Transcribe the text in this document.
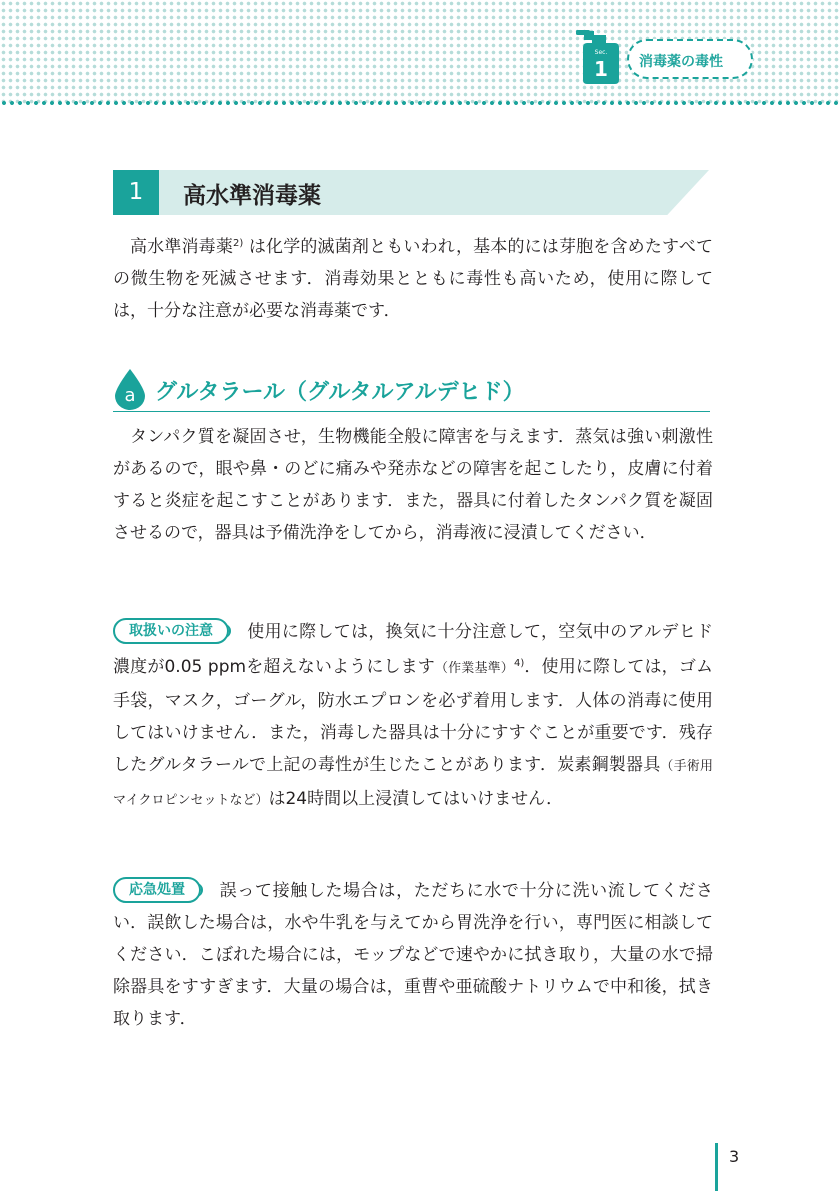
Sec.
1 消毒薬の毒性
1	高水準消毒薬

高水準消毒薬$^{2)}$ は化学的滅菌剤ともいわれ，基本的には芽胞を含めたすべての微生物を死滅させます．消毒効果とともに毒性も高いため，使用に際しては，十分な注意が必要な消毒薬です．

a グルタラール（グルタルアルデヒド）

タンパク質を凝固させ，生物機能全般に障害を与えます．蒸気は強い刺激性があるので，眼や鼻・のどに痛みや発赤などの障害を起こしたり，皮膚に付着すると炎症を起こすことがあります．また，器具に付着したタンパク質を凝固させるので，器具は予備洗浄をしてから，消毒液に浸漬してください．

取扱いの注意 使用に際しては，換気に十分注意して，空気中のアルデヒド濃度が0.05 ppmを超えないようにします（作業基準）$^{4)}$．使用に際しては，ゴム手袋，マスク，ゴーグル，防水エプロンを必ず着用します．人体の消毒に使用してはいけません．また，消毒した器具は十分にすすぐことが重要です．残存したグルタラールで上記の毒性が生じたことがあります．炭素鋼製器具（手術用マイクロピンセットなど）は24時間以上浸漬してはいけません．

応急処置 誤って接触した場合は，ただちに水で十分に洗い流してください．誤飲した場合は，水や牛乳を与えてから胃洗浄を行い，専門医に相談してください．こぼれた場合には，モップなどで速やかに拭き取り，大量の水で掃除器具をすすぎます．大量の場合は，重曹や亜硫酸ナトリウムで中和後，拭き取ります．

3
